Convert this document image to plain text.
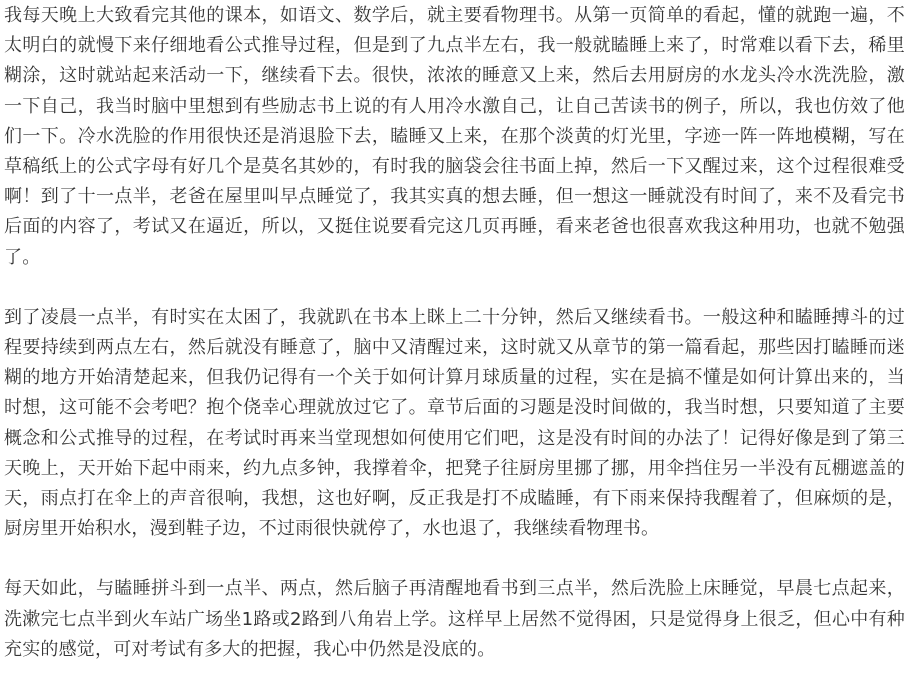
我每天晚上大致看完其他的课本，如语文、数学后，就主要看物理书。从第一页简单的看起，懂的就跑一遍，不太明白的就慢下来仔细地看公式推导过程，但是到了九点半左右，我一般就瞌睡上来了，时常难以看下去，稀里糊涂，这时就站起来活动一下，继续看下去。很快，浓浓的睡意又上来，然后去用厨房的水龙头冷水洗洗脸，激一下自己，我当时脑中里想到有些励志书上说的有人用冷水激自己，让自己苦读书的例子，所以，我也仿效了他们一下。冷水洗脸的作用很快还是消退脸下去，瞌睡又上来，在那个淡黄的灯光里，字迹一阵一阵地模糊，写在草稿纸上的公式字母有好几个是莫名其妙的，有时我的脑袋会往书面上掉，然后一下又醒过来，这个过程很难受啊！到了十一点半，老爸在屋里叫早点睡觉了，我其实真的想去睡，但一想这一睡就没有时间了，来不及看完书后面的内容了，考试又在逼近，所以，又挺住说要看完这几页再睡，看来老爸也很喜欢我这种用功，也就不勉强了。

到了凌晨一点半，有时实在太困了，我就趴在书本上眯上二十分钟，然后又继续看书。一般这种和瞌睡搏斗的过程要持续到两点左右，然后就没有睡意了，脑中又清醒过来，这时就又从章节的第一篇看起，那些因打瞌睡而迷糊的地方开始清楚起来，但我仍记得有一个关于如何计算月球质量的过程，实在是搞不懂是如何计算出来的，当时想，这可能不会考吧？抱个侥幸心理就放过它了。章节后面的习题是没时间做的，我当时想，只要知道了主要概念和公式推导的过程，在考试时再来当堂现想如何使用它们吧，这是没有时间的办法了！记得好像是到了第三天晚上，天开始下起中雨来，约九点多钟，我撑着伞，把凳子往厨房里挪了挪，用伞挡住另一半没有瓦棚遮盖的天，雨点打在伞上的声音很响，我想，这也好啊，反正我是打不成瞌睡，有下雨来保持我醒着了，但麻烦的是，厨房里开始积水，漫到鞋子边，不过雨很快就停了，水也退了，我继续看物理书。

每天如此，与瞌睡拼斗到一点半、两点，然后脑子再清醒地看书到三点半，然后洗脸上床睡觉，早晨七点起来，洗漱完七点半到火车站广场坐1路或2路到八角岩上学。这样早上居然不觉得困，只是觉得身上很乏，但心中有种充实的感觉，可对考试有多大的把握，我心中仍然是没底的。
